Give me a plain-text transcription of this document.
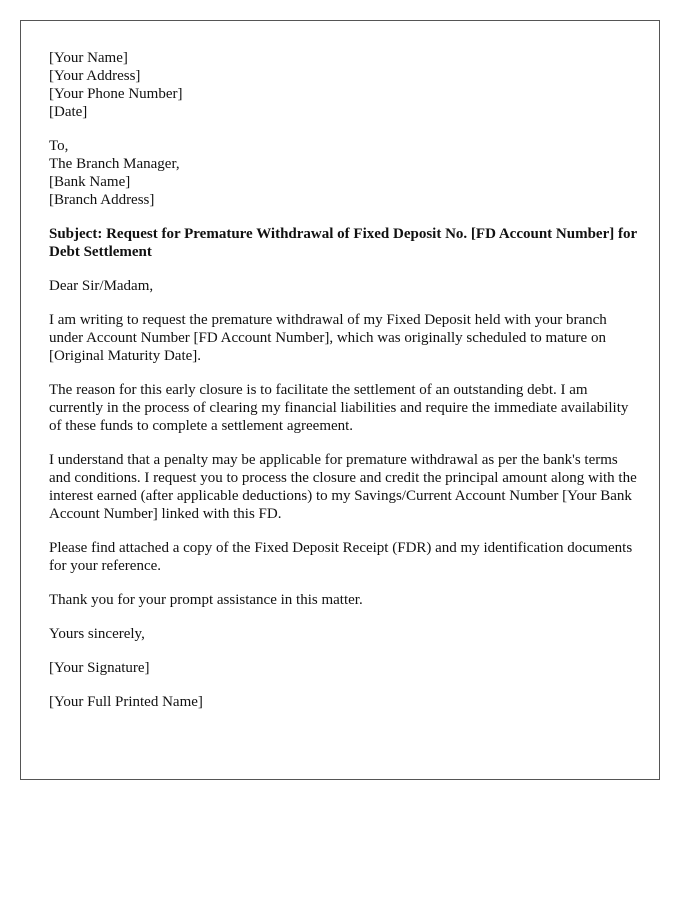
[Your Name]
[Your Address]
[Your Phone Number]
[Date]
To,
The Branch Manager,
[Bank Name]
[Branch Address]

Subject: Request for Premature Withdrawal of Fixed Deposit No. [FD Account Number] for Debt Settlement

Dear Sir/Madam,

I am writing to request the premature withdrawal of my Fixed Deposit held with your branch under Account Number [FD Account Number], which was originally scheduled to mature on [Original Maturity Date].

The reason for this early closure is to facilitate the settlement of an outstanding debt. I am currently in the process of clearing my financial liabilities and require the immediate availability of these funds to complete a settlement agreement.

I understand that a penalty may be applicable for premature withdrawal as per the bank's terms and conditions. I request you to process the closure and credit the principal amount along with the interest earned (after applicable deductions) to my Savings/Current Account Number [Your Bank Account Number] linked with this FD.

Please find attached a copy of the Fixed Deposit Receipt (FDR) and my identification documents for your reference.

Thank you for your prompt assistance in this matter.

Yours sincerely,

[Your Signature]

[Your Full Printed Name]
